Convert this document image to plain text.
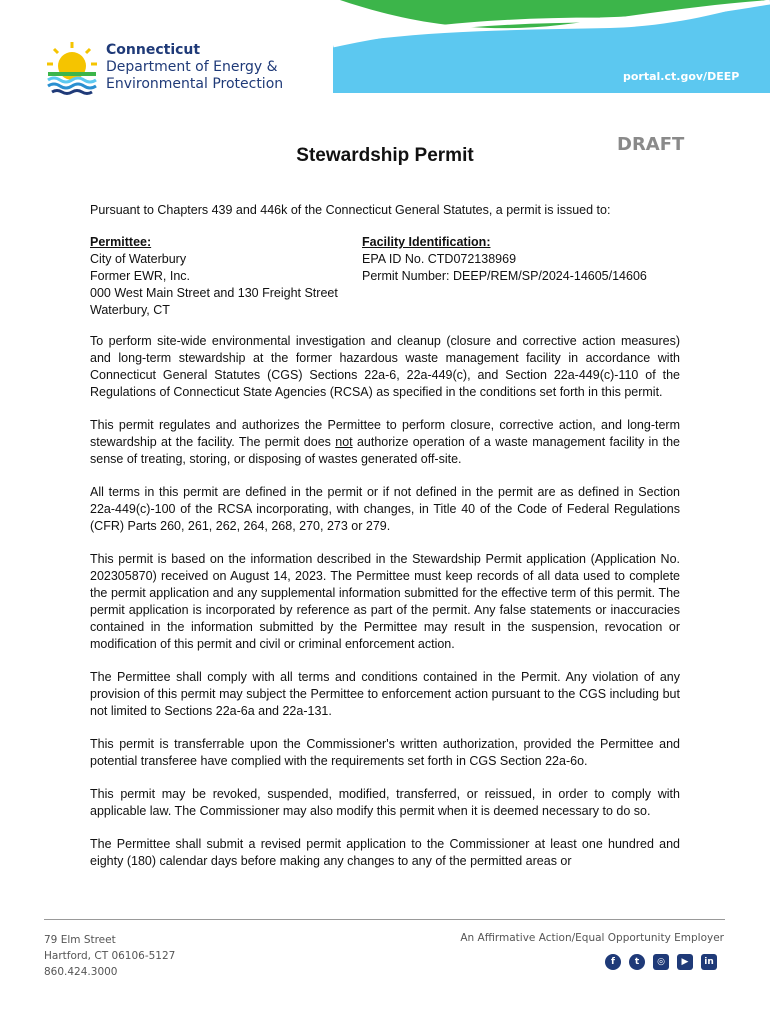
portal.ct.gov/DEEP
Connecticut
Department of Energy &
Environmental Protection
DRAFT
Stewardship Permit
Pursuant to Chapters 439 and 446k of the Connecticut General Statutes, a permit is issued to:
Permittee:
City of Waterbury
Former EWR, Inc.
000 West Main Street and 130 Freight Street
Waterbury, CT
Facility Identification:
EPA ID No. CTD072138969
Permit Number: DEEP/REM/SP/2024-14605/14606

To perform site-wide environmental investigation and cleanup (closure and corrective action measures) and long-term stewardship at the former hazardous waste management facility in accordance with Connecticut General Statutes (CGS) Sections 22a-6, 22a-449(c), and Section 22a-449(c)-110 of the Regulations of Connecticut State Agencies (RCSA) as specified in the conditions set forth in this permit.

This permit regulates and authorizes the Permittee to perform closure, corrective action, and long-term stewardship at the facility. The permit does not authorize operation of a waste management facility in the sense of treating, storing, or disposing of wastes generated off-site.

All terms in this permit are defined in the permit or if not defined in the permit are as defined in Section 22a-449(c)-100 of the RCSA incorporating, with changes, in Title 40 of the Code of Federal Regulations (CFR) Parts 260, 261, 262, 264, 268, 270, 273 or 279.

This permit is based on the information described in the Stewardship Permit application (Application No. 202305870) received on August 14, 2023. The Permittee must keep records of all data used to complete the permit application and any supplemental information submitted for the effective term of this permit. The permit application is incorporated by reference as part of the permit. Any false statements or inaccuracies contained in the information submitted by the Permittee may result in the suspension, revocation or modification of this permit and civil or criminal enforcement action.

The Permittee shall comply with all terms and conditions contained in the Permit. Any violation of any provision of this permit may subject the Permittee to enforcement action pursuant to the CGS including but not limited to Sections 22a-6a and 22a-131.

This permit is transferrable upon the Commissioner's written authorization, provided the Permittee and potential transferee have complied with the requirements set forth in CGS Section 22a-6o.

This permit may be revoked, suspended, modified, transferred, or reissued, in order to comply with applicable law. The Commissioner may also modify this permit when it is deemed necessary to do so.

The Permittee shall submit a revised permit application to the Commissioner at least one hundred and eighty (180) calendar days before making any changes to any of the permitted areas or

79 Elm Street
Hartford, CT 06106-5127
860.424.3000
An Affirmative Action/Equal Opportunity Employer
f	t	◎	▶	in
